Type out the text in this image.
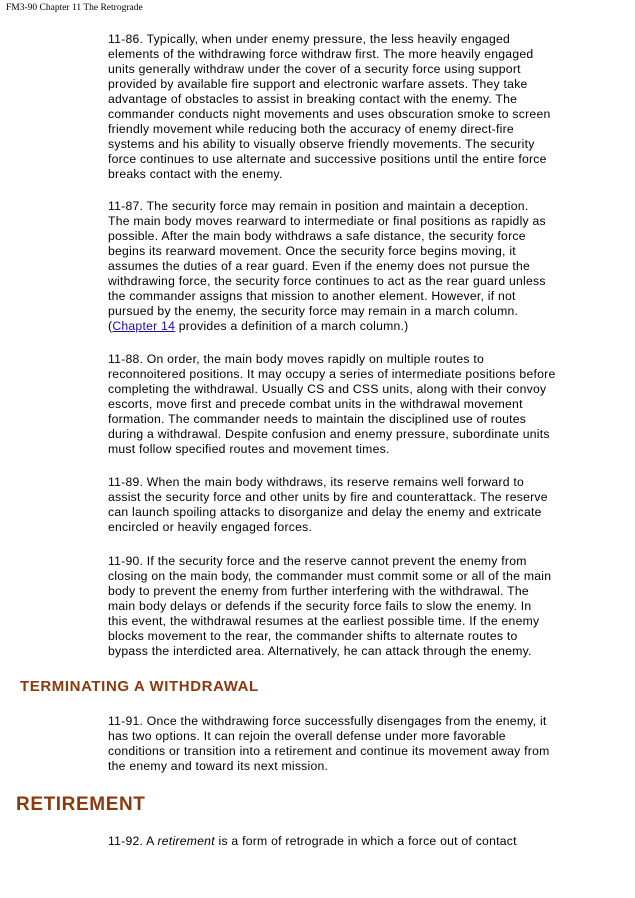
FM3-90 Chapter 11 The Retrograde
11-86. Typically, when under enemy pressure, the less heavily engaged
elements of the withdrawing force withdraw first. The more heavily engaged
units generally withdraw under the cover of a security force using support
provided by available fire support and electronic warfare assets. They take
advantage of obstacles to assist in breaking contact with the enemy. The
commander conducts night movements and uses obscuration smoke to screen
friendly movement while reducing both the accuracy of enemy direct-fire
systems and his ability to visually observe friendly movements. The security
force continues to use alternate and successive positions until the entire force
breaks contact with the enemy.
11-87. The security force may remain in position and maintain a deception.
The main body moves rearward to intermediate or final positions as rapidly as
possible. After the main body withdraws a safe distance, the security force
begins its rearward movement. Once the security force begins moving, it
assumes the duties of a rear guard. Even if the enemy does not pursue the
withdrawing force, the security force continues to act as the rear guard unless
the commander assigns that mission to another element. However, if not
pursued by the enemy, the security force may remain in a march column.
(Chapter 14 provides a definition of a march column.)
11-88. On order, the main body moves rapidly on multiple routes to
reconnoitered positions. It may occupy a series of intermediate positions before
completing the withdrawal. Usually CS and CSS units, along with their convoy
escorts, move first and precede combat units in the withdrawal movement
formation. The commander needs to maintain the disciplined use of routes
during a withdrawal. Despite confusion and enemy pressure, subordinate units
must follow specified routes and movement times.
11-89. When the main body withdraws, its reserve remains well forward to
assist the security force and other units by fire and counterattack. The reserve
can launch spoiling attacks to disorganize and delay the enemy and extricate
encircled or heavily engaged forces.
11-90. If the security force and the reserve cannot prevent the enemy from
closing on the main body, the commander must commit some or all of the main
body to prevent the enemy from further interfering with the withdrawal. The
main body delays or defends if the security force fails to slow the enemy. In
this event, the withdrawal resumes at the earliest possible time. If the enemy
blocks movement to the rear, the commander shifts to alternate routes to
bypass the interdicted area. Alternatively, he can attack through the enemy.
TERMINATING A WITHDRAWAL
11-91. Once the withdrawing force successfully disengages from the enemy, it
has two options. It can rejoin the overall defense under more favorable
conditions or transition into a retirement and continue its movement away from
the enemy and toward its next mission.
RETIREMENT
11-92. A retirement is a form of retrograde in which a force out of contact
